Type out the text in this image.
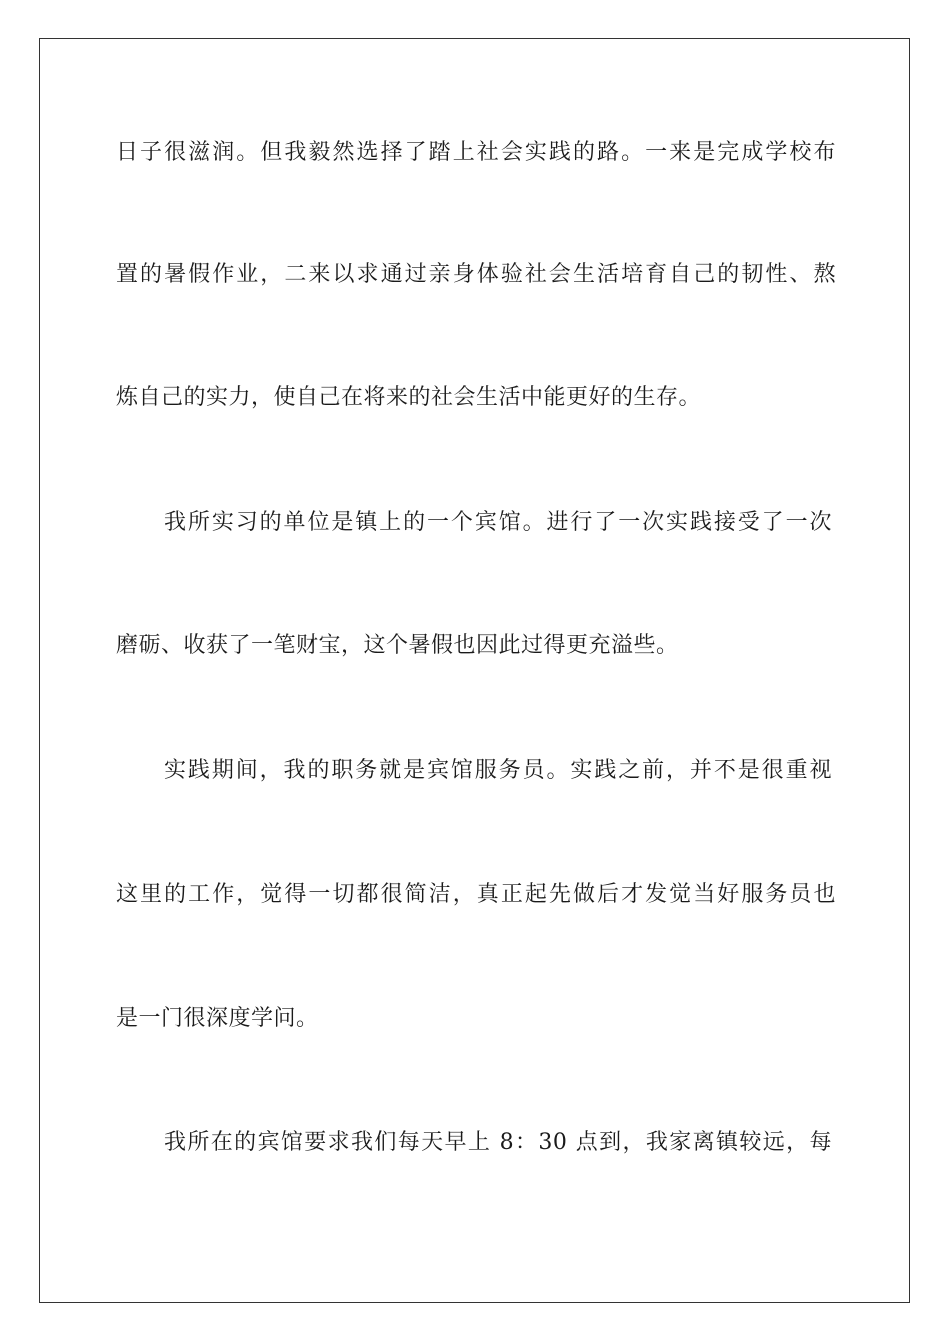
日子很滋润。但我毅然选择了踏上社会实践的路。一来是完成学校布
置的暑假作业，二来以求通过亲身体验社会生活培育自己的韧性、熬
炼自己的实力，使自己在将来的社会生活中能更好的生存。
我所实习的单位是镇上的一个宾馆。进行了一次实践接受了一次
磨砺、收获了一笔财宝，这个暑假也因此过得更充溢些。
实践期间，我的职务就是宾馆服务员。实践之前，并不是很重视
这里的工作，觉得一切都很简洁，真正起先做后才发觉当好服务员也
是一门很深度学问。
我所在的宾馆要求我们每天早上 8：30 点到，我家离镇较远，每
